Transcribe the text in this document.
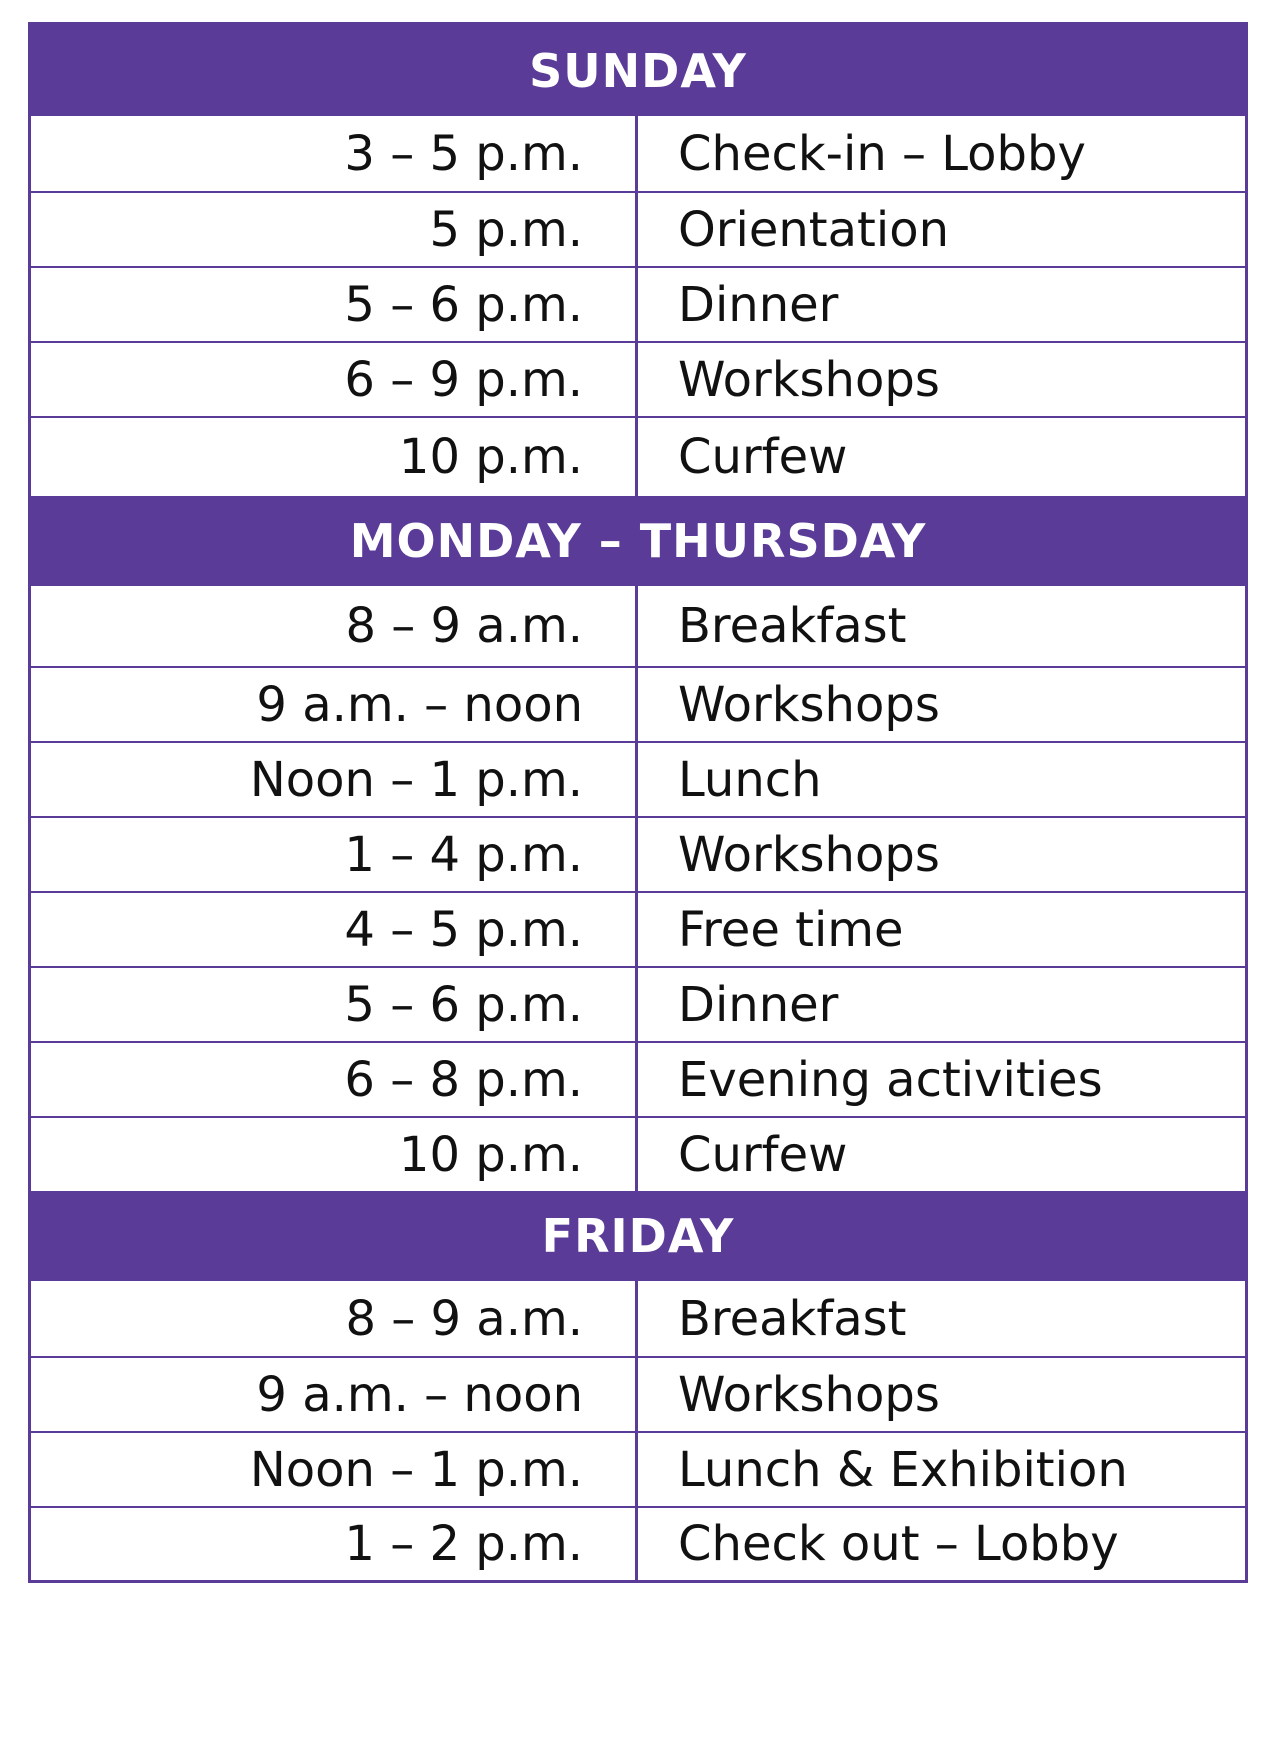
SUNDAY
3 – 5 p.m.	Check-in – Lobby
5 p.m.	Orientation
5 – 6 p.m.	Dinner
6 – 9 p.m.	Workshops
10 p.m.	Curfew
MONDAY – THURSDAY
8 – 9 a.m.	Breakfast
9 a.m. – noon	Workshops
Noon – 1 p.m.	Lunch
1 – 4 p.m.	Workshops
4 – 5 p.m.	Free time
5 – 6 p.m.	Dinner
6 – 8 p.m.	Evening activities
10 p.m.	Curfew
FRIDAY
8 – 9 a.m.	Breakfast
9 a.m. – noon	Workshops
Noon – 1 p.m.	Lunch & Exhibition
1 – 2 p.m.	Check out – Lobby
